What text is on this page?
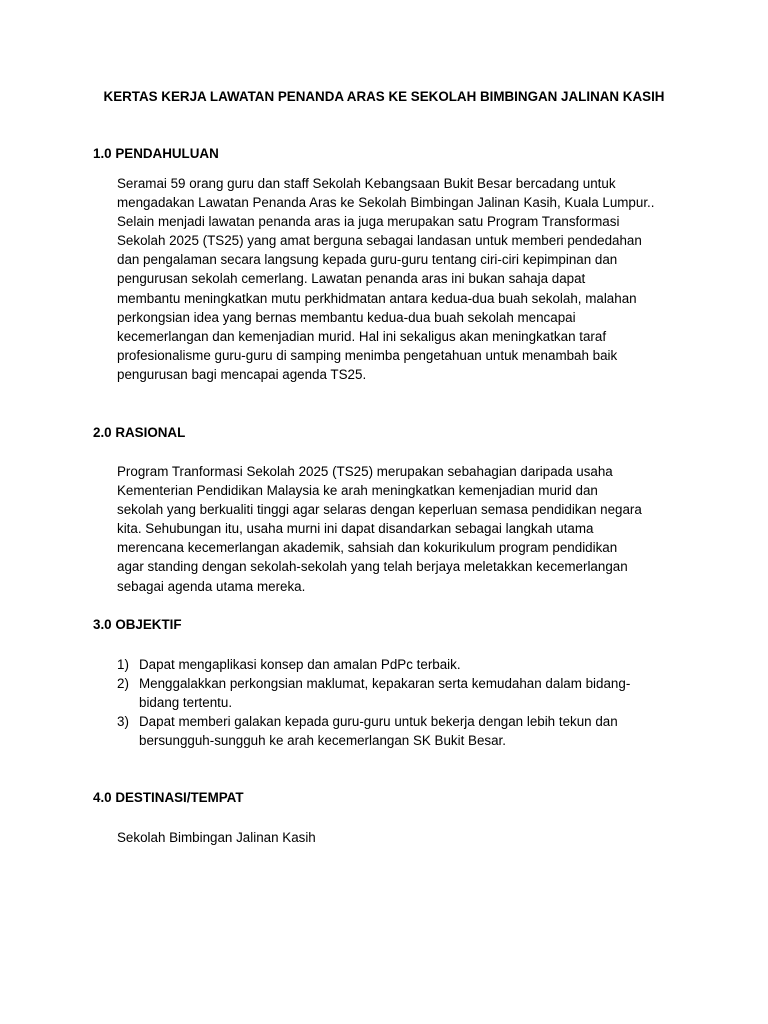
KERTAS KERJA LAWATAN PENANDA ARAS KE SEKOLAH BIMBINGAN JALINAN KASIH
1.0 PENDAHULUAN
Seramai 59 orang guru dan staff Sekolah Kebangsaan Bukit Besar bercadang untuk
mengadakan Lawatan Penanda Aras ke Sekolah Bimbingan Jalinan Kasih, Kuala Lumpur..
Selain menjadi lawatan penanda aras ia juga merupakan satu Program Transformasi
Sekolah 2025 (TS25) yang amat berguna sebagai landasan untuk memberi pendedahan
dan pengalaman secara langsung kepada guru-guru tentang ciri-ciri kepimpinan dan
pengurusan sekolah cemerlang. Lawatan penanda aras ini bukan sahaja dapat
membantu meningkatkan mutu perkhidmatan antara kedua-dua buah sekolah, malahan
perkongsian idea yang bernas membantu kedua-dua buah sekolah mencapai
kecemerlangan dan kemenjadian murid. Hal ini sekaligus akan meningkatkan taraf
profesionalisme guru-guru di samping menimba pengetahuan untuk menambah baik
pengurusan bagi mencapai agenda TS25.
2.0 RASIONAL
Program Tranformasi Sekolah 2025 (TS25) merupakan sebahagian daripada usaha
Kementerian Pendidikan Malaysia ke arah meningkatkan kemenjadian murid dan
sekolah yang berkualiti tinggi agar selaras dengan keperluan semasa pendidikan negara
kita. Sehubungan itu, usaha murni ini dapat disandarkan sebagai langkah utama
merencana kecemerlangan akademik, sahsiah dan kokurikulum program pendidikan
agar standing dengan sekolah-sekolah yang telah berjaya meletakkan kecemerlangan
sebagai agenda utama mereka.
3.0 OBJEKTIF
1) Dapat mengaplikasi konsep dan amalan PdPc terbaik.
2) Menggalakkan perkongsian maklumat, kepakaran serta kemudahan dalam bidang-
bidang tertentu.
3) Dapat memberi galakan kepada guru-guru untuk bekerja dengan lebih tekun dan
bersungguh-sungguh ke arah kecemerlangan SK Bukit Besar.
4.0 DESTINASI/TEMPAT
Sekolah Bimbingan Jalinan Kasih
